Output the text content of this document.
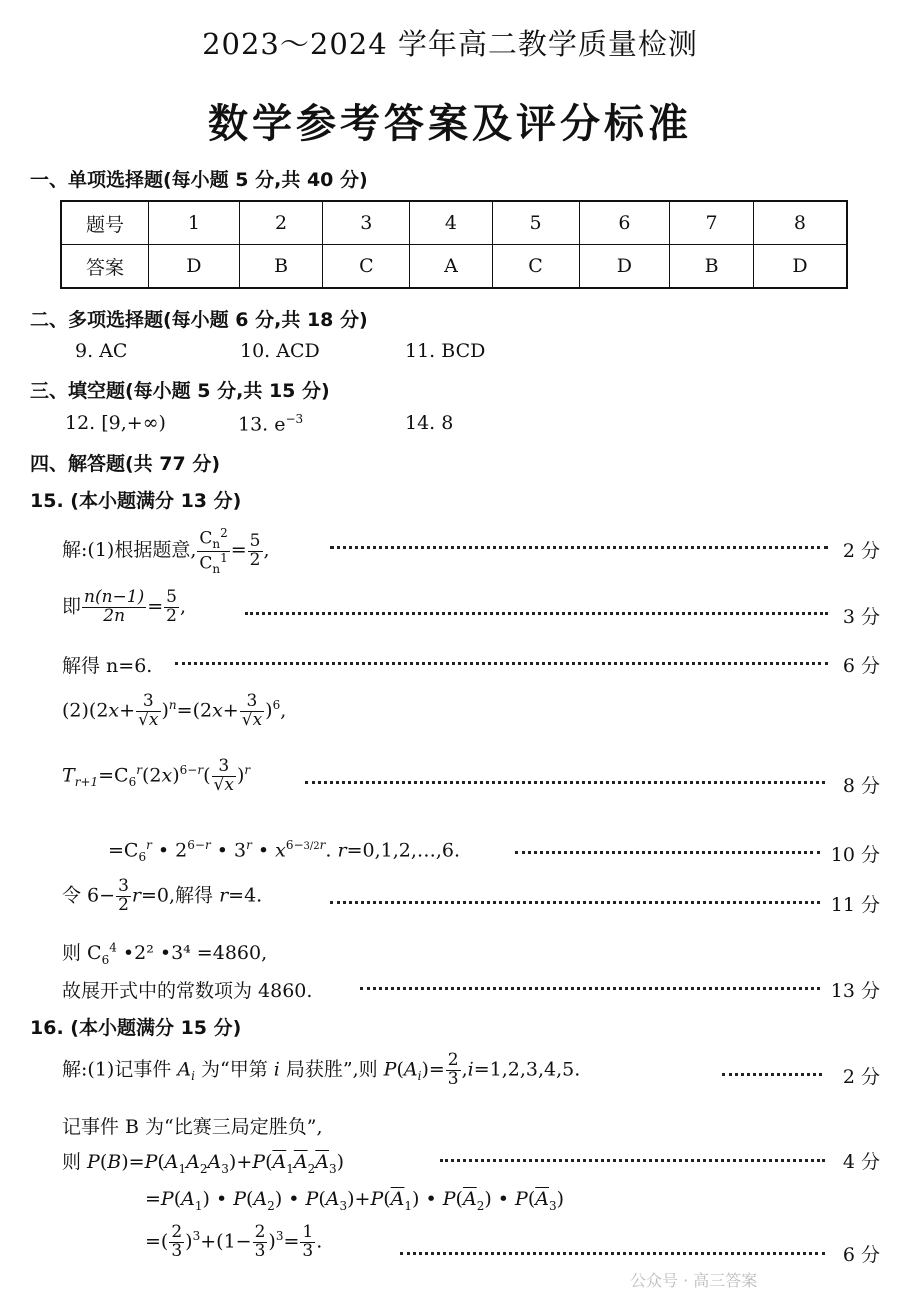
2023～2024 学年高二教学质量检测
数学参考答案及评分标准
一、单项选择题(每小题 5 分,共 40 分)
题号	1	2	3	4	5	6	7	8
答案	D	B	C	A	C	D	B	D
二、多项选择题(每小题 6 分,共 18 分)
9. AC	10. ACD	11. BCD
三、填空题(每小题 5 分,共 15 分)
12. [9,+∞)	13. $e^{-3}$	14. 8
四、解答题(共 77 分)
15. (本小题满分 13 分)
解:(1)根据题意, $\frac{C_n^2}{C_n^1} = \frac{5}{2}$ ,	2 分
即 $\frac{n(n-1)}{2n} = \frac{5}{2}$ ,	3 分
解得 n=6.	6 分
$(2)(2x+ \frac{3}{√x} )^n=(2x+ \frac{3}{√x} )^6$,
$T_{r+1}=C_6^r(2x)^{6-r}( \frac{3}{√x} )^r$
8 分
$=C_6^r$ • $2^{6-r}$ • 3$^r$ • $x^{6-3/2r}$. r=0,1,2,…,6.	10 分
令 $6- \frac{3}{2} r=0$,解得 r=4.	11 分
则 $C_6^4$ •2² •3⁴ =4860,
故展开式中的常数项为 4860.	13 分
16. (本小题满分 15 分)
解:(1)记事件 $A_i$ 为“甲第 i 局获胜”,则 $P(A_i)= \frac{2}{3} ,i=1,2,3,4,5$.	2 分
记事件 B 为“比赛三局定胜负”,
则 $P(B)=P(A_1A_2A_3)+P(\overline{A}_1\overline{A}_2\overline{A}_3)$	4 分
$=P(A_1)$ • $P(A_2)$ • $P(A_3)+P(\overline{A}_1)$ • $P(\overline{A}_2)$ • $P(\overline{A}_3)$
=( $\frac{2}{3} )^3+(1- \frac{2}{3} )^3= \frac{1}{3}$ .
6 分
公众号 · 高三答案
